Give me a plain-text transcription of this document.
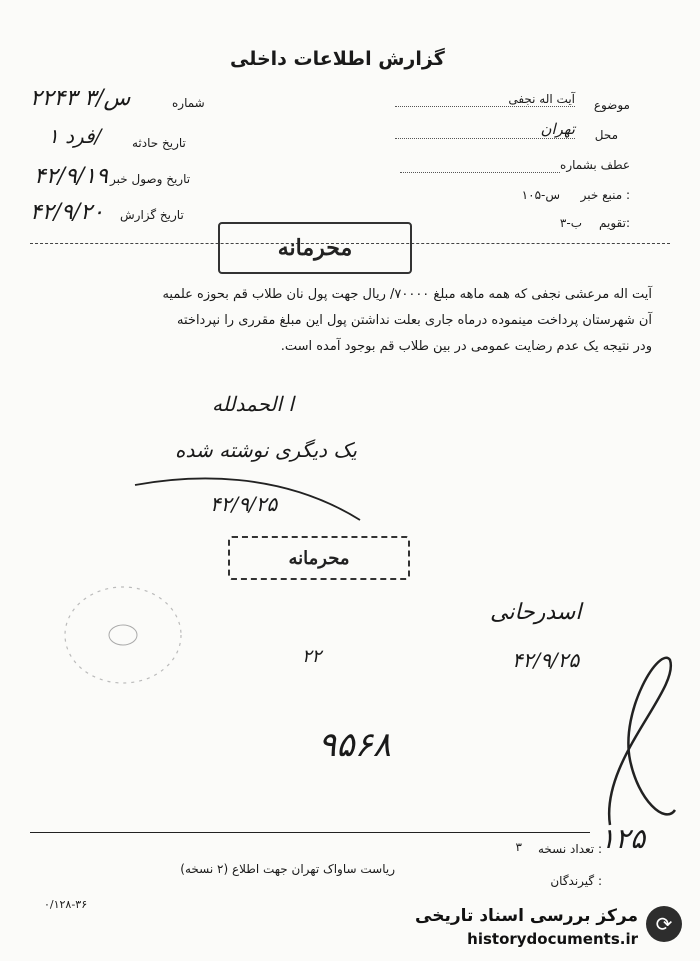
گزارش اطلاعات داخلی
موضوع
آیت اله نجفی
محل
تهران
عطف بشماره
منبع خبر :
س-۱۰۵
تقویم:
ب-۳
شماره
۲۲۴۳ س/۳
تاریخ حادثه
۱ فرد/
تاریخ وصول خبر
۴۲/۹/۱۹
تاریخ گزارش
۴۲/۹/۲۰
محرمانه
آیت اله مرعشی نجفی که همه ماهه مبلغ ۷۰۰۰۰/ ریال جهت پول نان طلاب قم بحوزه علمیه
آن شهرستان پرداخت مینموده درماه جاری بعلت نداشتن پول این مبلغ مقرری را نپرداخته
ودر نتیجه یک عدم رضایت عمومی در بین طلاب قم بوجود آمده است.
ا الحمدلله
یک دیگری نوشته شده
۴۲/۹/۲۵
محرمانه
اسدرحانی
۴۲/۹/۲۵
۲۲
۹۵۶۸
۱۲۵
تعداد نسخه :
۳
ریاست ساواک تهران جهت اطلاع (۲ نسخه)
گیرندگان :
۰/۱۲۸-۳۶
⟳
مرکز بررسی اسناد تاریخی
historydocuments.ir
